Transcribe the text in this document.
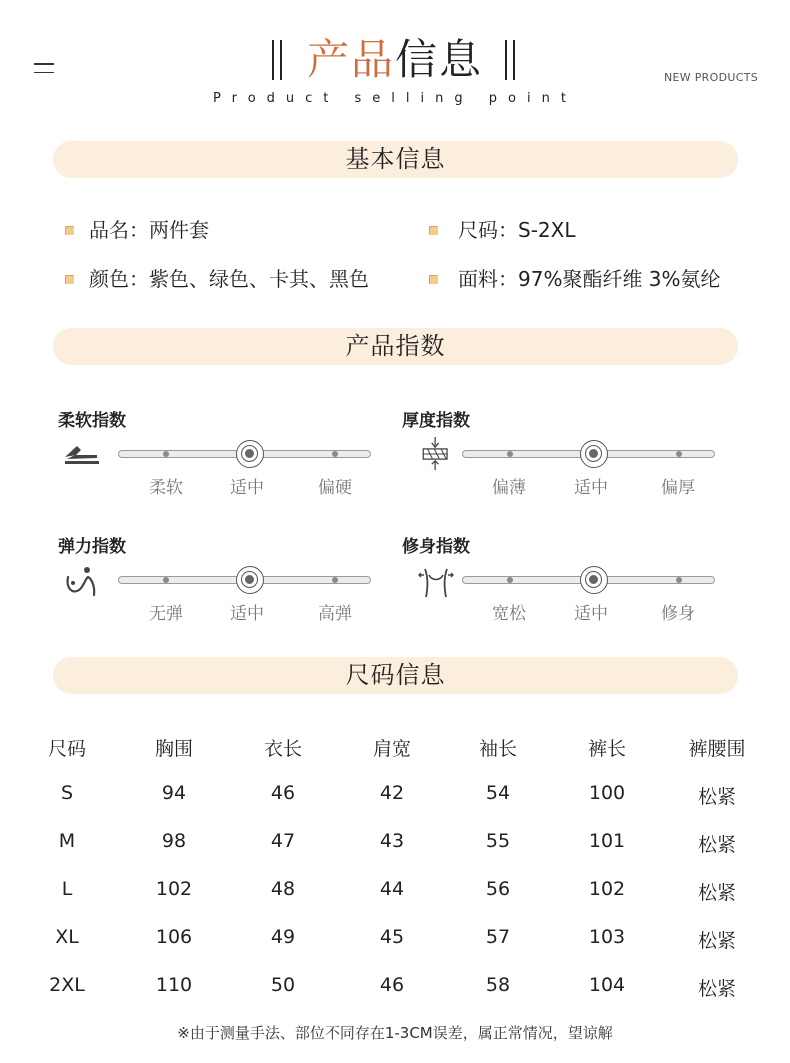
产品信息
Product selling point
NEW PRODUCTS
基本信息
品名：两件套	尺码：S-2XL
颜色：紫色、绿色、卡其、黑色	面料：97%聚酯纤维 3%氨纶
产品指数
柔软指数
柔软	适中	偏硬
厚度指数
偏薄	适中	偏厚
弹力指数
无弹	适中	高弹
修身指数
宽松	适中	修身
尺码信息
尺码	胸围	衣长	肩宽	袖长	裤长	裤腰围
S	94	46	42	54	100	松紧
M	98	47	43	55	101	松紧
L	102	48	44	56	102	松紧
XL	106	49	45	57	103	松紧
2XL	110	50	46	58	104	松紧
※由于测量手法、部位不同存在1-3CM误差，属正常情况，望谅解
